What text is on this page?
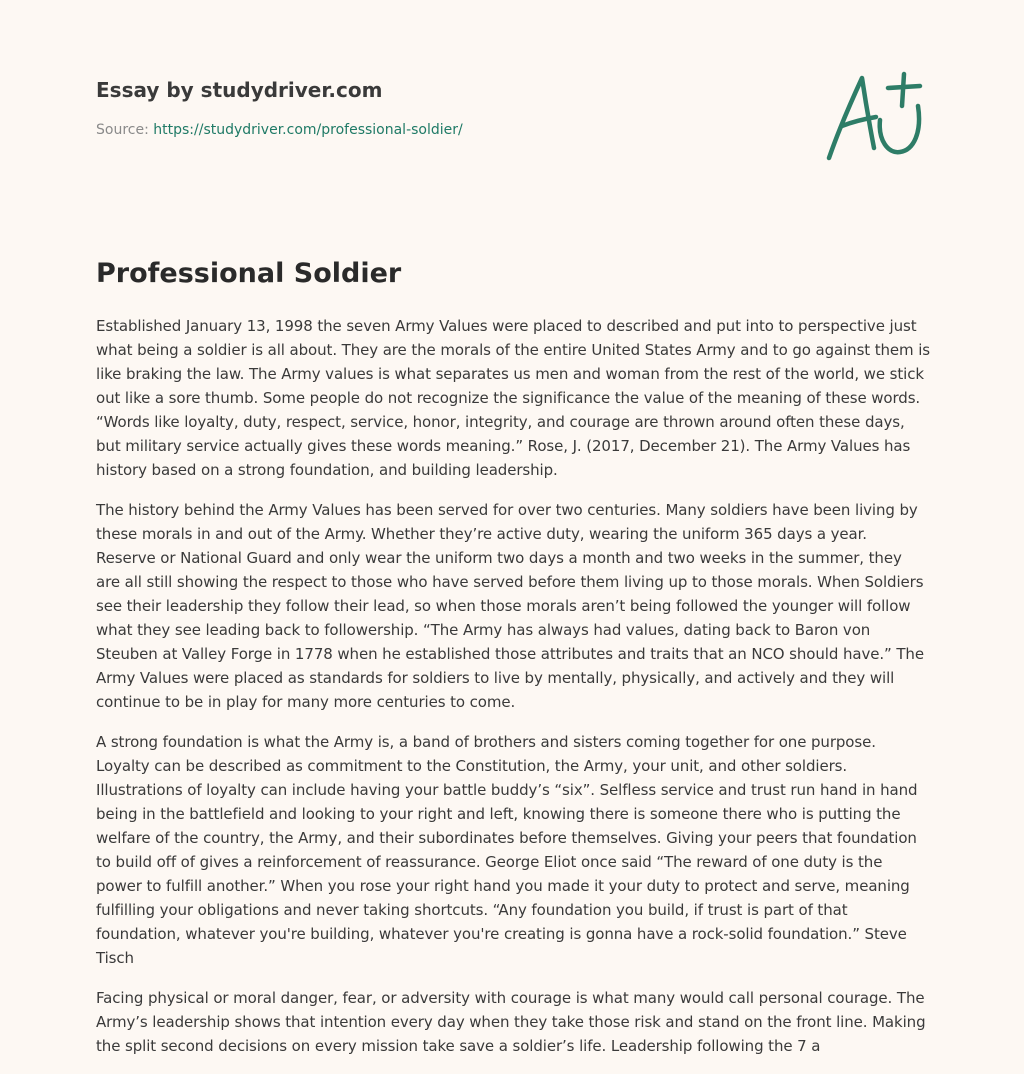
Essay by studydriver.com
Source: https://studydriver.com/professional-soldier/
Professional Soldier

Established January 13, 1998 the seven Army Values were placed to described and put into to perspective just what being a soldier is all about. They are the morals of the entire United States Army and to go against them is like braking the law. The Army values is what separates us men and woman from the rest of the world, we stick out like a sore thumb. Some people do not recognize the significance the value of the meaning of these words. “Words like loyalty, duty, respect, service, honor, integrity, and courage are thrown around often these days, but military service actually gives these words meaning.” Rose, J. (2017, December 21). The Army Values has history based on a strong foundation, and building leadership.

The history behind the Army Values has been served for over two centuries. Many soldiers have been living by these morals in and out of the Army. Whether they’re active duty, wearing the uniform 365 days a year. Reserve or National Guard and only wear the uniform two days a month and two weeks in the summer, they are all still showing the respect to those who have served before them living up to those morals. When Soldiers see their leadership they follow their lead, so when those morals aren’t being followed the younger will follow what they see leading back to followership. “The Army has always had values, dating back to Baron von Steuben at Valley Forge in 1778 when he established those attributes and traits that an NCO should have.” The Army Values were placed as standards for soldiers to live by mentally, physically, and actively and they will continue to be in play for many more centuries to come.

A strong foundation is what the Army is, a band of brothers and sisters coming together for one purpose. Loyalty can be described as commitment to the Constitution, the Army, your unit, and other soldiers. Illustrations of loyalty can include having your battle buddy’s “six”. Selfless service and trust run hand in hand being in the battlefield and looking to your right and left, knowing there is someone there who is putting the welfare of the country, the Army, and their subordinates before themselves. Giving your peers that foundation to build off of gives a reinforcement of reassurance. George Eliot once said “The reward of one duty is the power to fulfill another.” When you rose your right hand you made it your duty to protect and serve, meaning fulfilling your obligations and never taking shortcuts. “Any foundation you build, if trust is part of that foundation, whatever you're building, whatever you're creating is gonna have a rock-solid foundation.” Steve Tisch

Facing physical or moral danger, fear, or adversity with courage is what many would call personal courage. The Army’s leadership shows that intention every day when they take those risk and stand on the front line. Making the split second decisions on every mission take save a soldier’s life. Leadership following the 7 a
